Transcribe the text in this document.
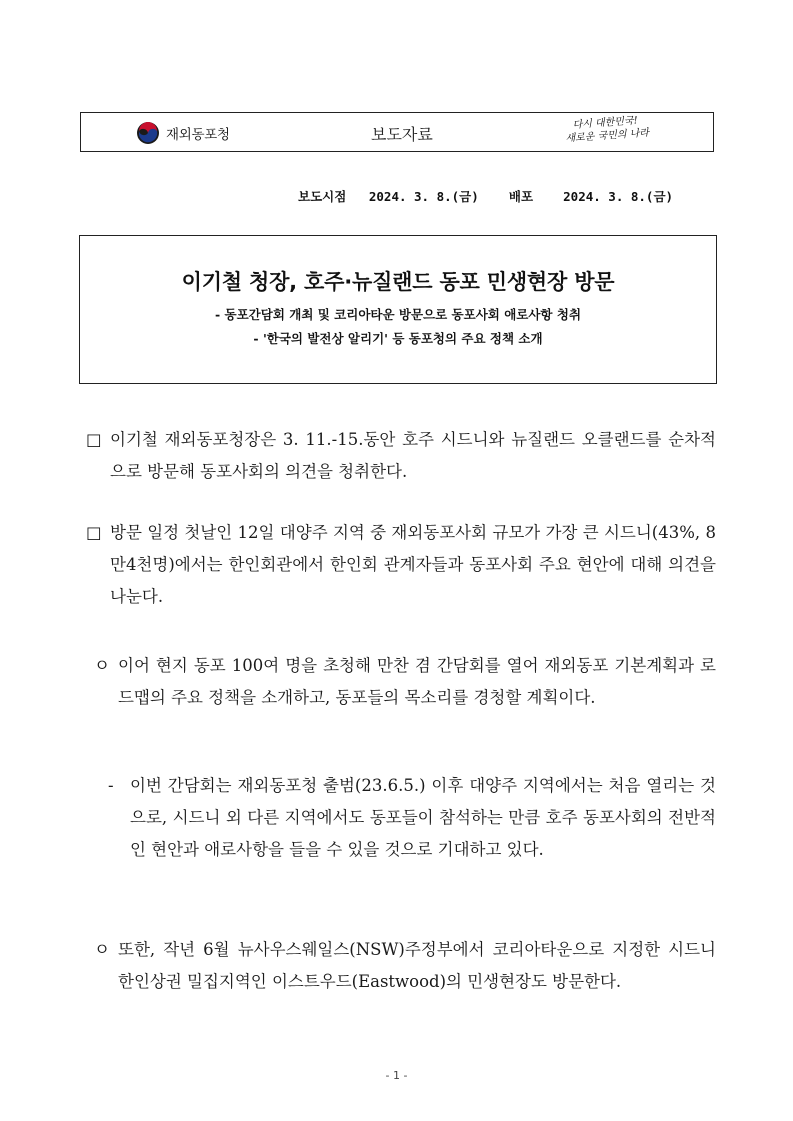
재외동포청	보도자료
다시 대한민국!
새로운 국민의 나라
보도시점   2024. 3. 8.(금)    배포    2024. 3. 8.(금)
이기철 청장, 호주·뉴질랜드 동포 민생현장 방문
- 동포간담회 개최 및 코리아타운 방문으로 동포사회 애로사항 청취
- '한국의 발전상 알리기' 등 동포청의 주요 정책 소개
□ 이기철 재외동포청장은 3. 11.-15.동안 호주 시드니와 뉴질랜드 오클랜드를 순차적으로 방문해 동포사회의 의견을 청취한다.
□ 방문 일정 첫날인 12일 대양주 지역 중 재외동포사회 규모가 가장 큰 시드니(43%, 8만4천명)에서는 한인회관에서 한인회 관계자들과 동포사회 주요 현안에 대해 의견을 나눈다.
ㅇ 이어 현지 동포 100여 명을 초청해 만찬 겸 간담회를 열어 재외동포 기본계획과 로드맵의 주요 정책을 소개하고, 동포들의 목소리를 경청할 계획이다.
- 이번 간담회는 재외동포청 출범(23.6.5.) 이후 대양주 지역에서는 처음 열리는 것으로, 시드니 외 다른 지역에서도 동포들이 참석하는 만큼 호주 동포사회의 전반적인 현안과 애로사항을 들을 수 있을 것으로 기대하고 있다.
ㅇ 또한, 작년 6월 뉴사우스웨일스(NSW)주정부에서 코리아타운으로 지정한 시드니 한인상권 밀집지역인 이스트우드(Eastwood)의 민생현장도 방문한다.
- 1 -
